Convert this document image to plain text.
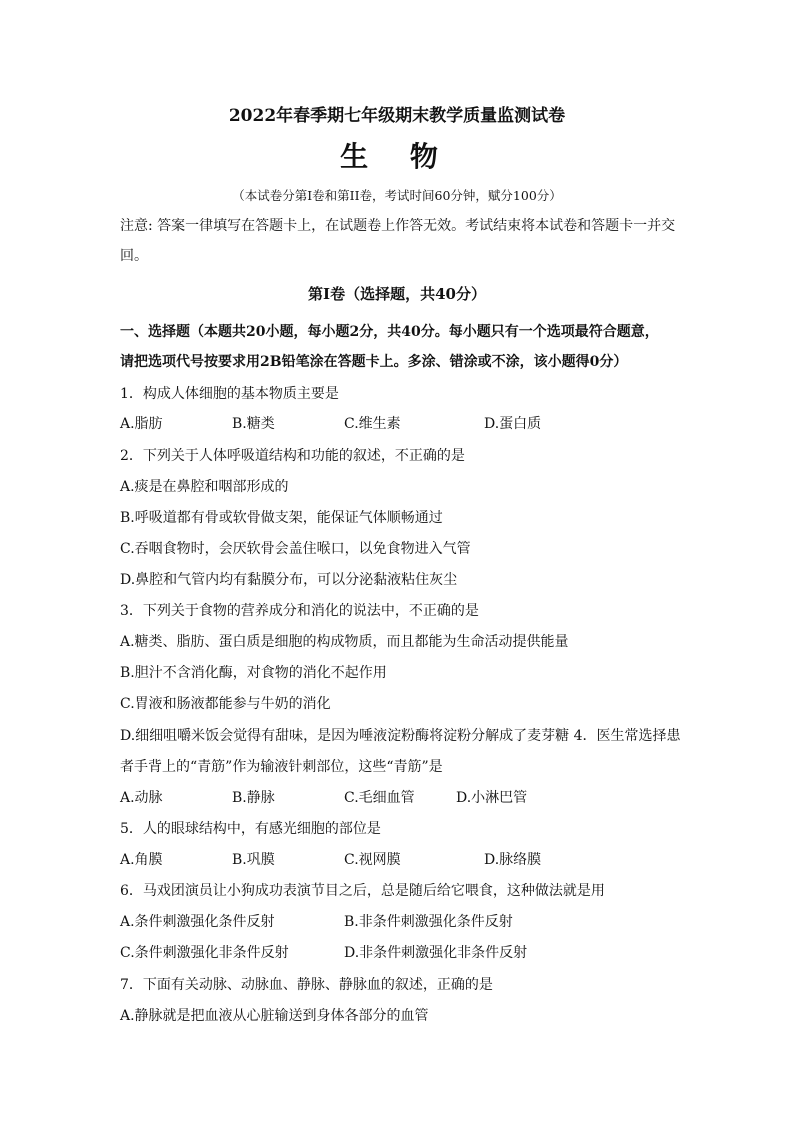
2022年春季期七年级期末教学质量监测试卷
生 物
（本试卷分第I卷和第II卷，考试时间60分钟，赋分100分）
注意: 答案一律填写在答题卡上，在试题卷上作答无效。考试结束将本试卷和答题卡一并交
回。
第I卷（选择题，共40分）
一、选择题（本题共20小题，每小题2分，共40分。每小题只有一个选项最符合题意，
请把选项代号按要求用2B铅笔涂在答题卡上。多涂、错涂或不涂，该小题得0分）
1．构成人体细胞的基本物质主要是
A.脂肪	B.糖类	C.维生素	D.蛋白质
2．下列关于人体呼吸道结构和功能的叙述，不正确的是
A.痰是在鼻腔和咽部形成的
B.呼吸道都有骨或软骨做支架，能保证气体顺畅通过
C.吞咽食物时，会厌软骨会盖住喉口，以免食物进入气管
D.鼻腔和气管内均有黏膜分布，可以分泌黏液粘住灰尘
3．下列关于食物的营养成分和消化的说法中，不正确的是
A.糖类、脂肪、蛋白质是细胞的构成物质，而且都能为生命活动提供能量
B.胆汁不含消化酶，对食物的消化不起作用
C.胃液和肠液都能参与牛奶的消化
D.细细咀嚼米饭会觉得有甜味，是因为唾液淀粉酶将淀粉分解成了麦芽糖 4．医生常选择患
者手背上的“青筋”作为输液针刺部位，这些“青筋”是
A.动脉	B.静脉	C.毛细血管	D.小淋巴管
5．人的眼球结构中，有感光细胞的部位是
A.角膜	B.巩膜	C.视网膜	D.脉络膜
6．马戏团演员让小狗成功表演节目之后，总是随后给它喂食，这种做法就是用
A.条件刺激强化条件反射	B.非条件刺激强化条件反射
C.条件刺激强化非条件反射	D.非条件刺激强化非条件反射
7．下面有关动脉、动脉血、静脉、静脉血的叙述，正确的是
A.静脉就是把血液从心脏输送到身体各部分的血管
